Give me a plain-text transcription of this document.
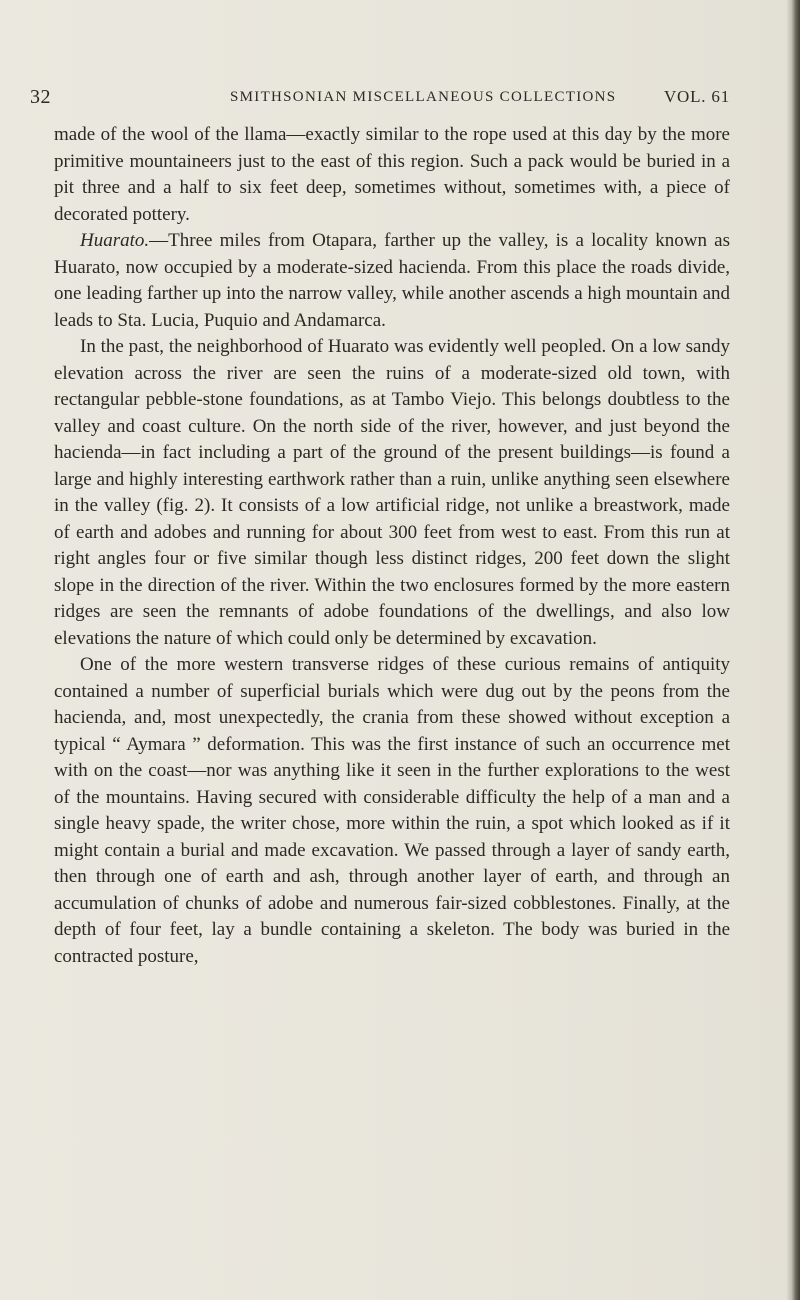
32	SMITHSONIAN MISCELLANEOUS COLLECTIONS	VOL. 61

made of the wool of the llama—exactly similar to the rope used at this day by the more primitive mountaineers just to the east of this region. Such a pack would be buried in a pit three and a half to six feet deep, sometimes without, sometimes with, a piece of decorated pottery.

Huarato.—Three miles from Otapara, farther up the valley, is a locality known as Huarato, now occupied by a moderate-sized hacienda. From this place the roads divide, one leading farther up into the narrow valley, while another ascends a high mountain and leads to Sta. Lucia, Puquio and Andamarca.

In the past, the neighborhood of Huarato was evidently well peopled. On a low sandy elevation across the river are seen the ruins of a moderate-sized old town, with rectangular pebble-stone foundations, as at Tambo Viejo. This belongs doubtless to the valley and coast culture. On the north side of the river, however, and just beyond the hacienda—in fact including a part of the ground of the present buildings—is found a large and highly interesting earthwork rather than a ruin, unlike anything seen elsewhere in the valley (fig. 2). It consists of a low artificial ridge, not unlike a breastwork, made of earth and adobes and running for about 300 feet from west to east. From this run at right angles four or five similar though less distinct ridges, 200 feet down the slight slope in the direction of the river. Within the two enclosures formed by the more eastern ridges are seen the remnants of adobe foundations of the dwellings, and also low elevations the nature of which could only be determined by excavation.

One of the more western transverse ridges of these curious remains of antiquity contained a number of superficial burials which were dug out by the peons from the hacienda, and, most unexpectedly, the crania from these showed without exception a typical “ Aymara ” deformation. This was the first instance of such an occurrence met with on the coast—nor was anything like it seen in the further explorations to the west of the mountains. Having secured with considerable difficulty the help of a man and a single heavy spade, the writer chose, more within the ruin, a spot which looked as if it might contain a burial and made excavation. We passed through a layer of sandy earth, then through one of earth and ash, through another layer of earth, and through an accumulation of chunks of adobe and numerous fair-sized cobblestones. Finally, at the depth of four feet, lay a bundle containing a skeleton. The body was buried in the contracted posture,
